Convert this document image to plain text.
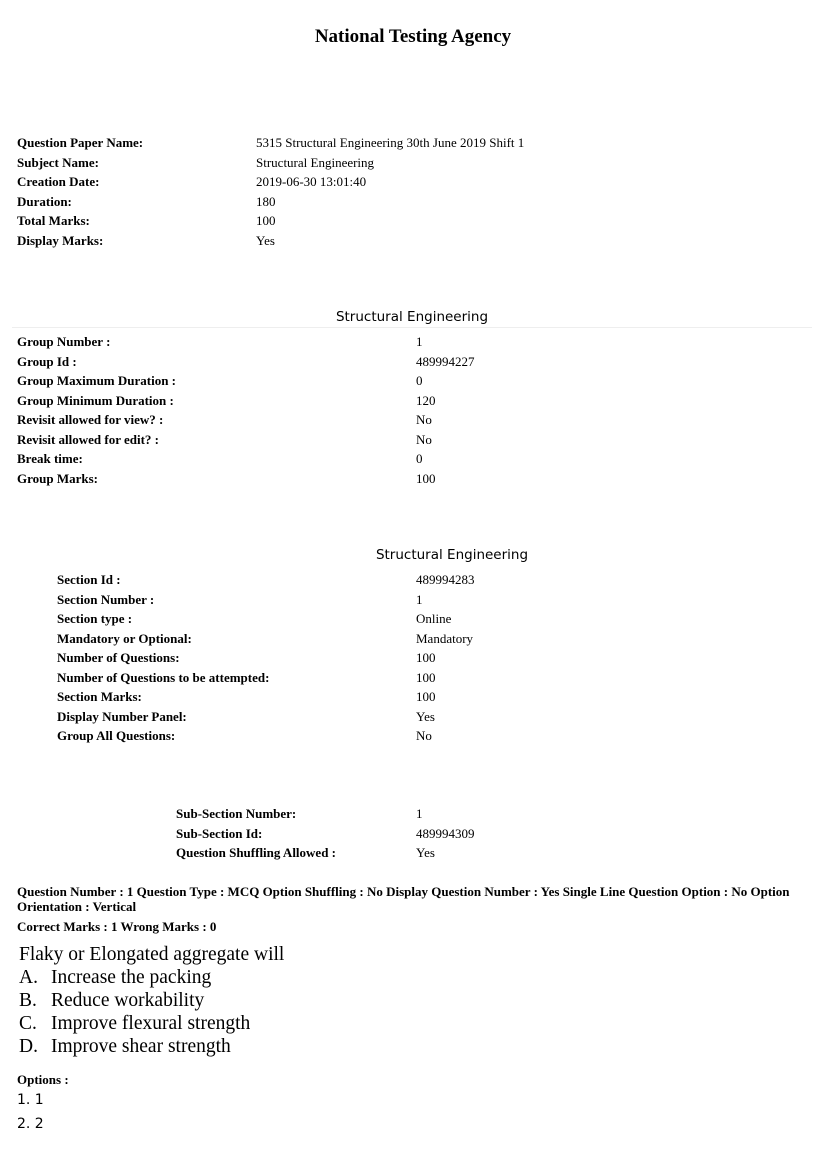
National Testing Agency
Question Paper Name:	5315 Structural Engineering 30th June 2019 Shift 1
Subject Name:	Structural Engineering
Creation Date:	2019-06-30 13:01:40
Duration:	180
Total Marks:	100
Display Marks:	Yes
Structural Engineering
Group Number :	1
Group Id :	489994227
Group Maximum Duration :	0
Group Minimum Duration :	120
Revisit allowed for view? :	No
Revisit allowed for edit? :	No
Break time:	0
Group Marks:	100
Structural Engineering
Section Id :	489994283
Section Number :	1
Section type :	Online
Mandatory or Optional:	Mandatory
Number of Questions:	100
Number of Questions to be attempted:	100
Section Marks:	100
Display Number Panel:	Yes
Group All Questions:	No
Sub-Section Number:	1
Sub-Section Id:	489994309
Question Shuffling Allowed :	Yes
Question Number : 1 Question Type : MCQ Option Shuffling : No Display Question Number : Yes Single Line Question Option : No Option Orientation : Vertical
Correct Marks : 1 Wrong Marks : 0
Flaky or Elongated aggregate will
A. Increase the packing
B. Reduce workability
C. Improve flexural strength
D. Improve shear strength
Options :
1. 1
2. 2
